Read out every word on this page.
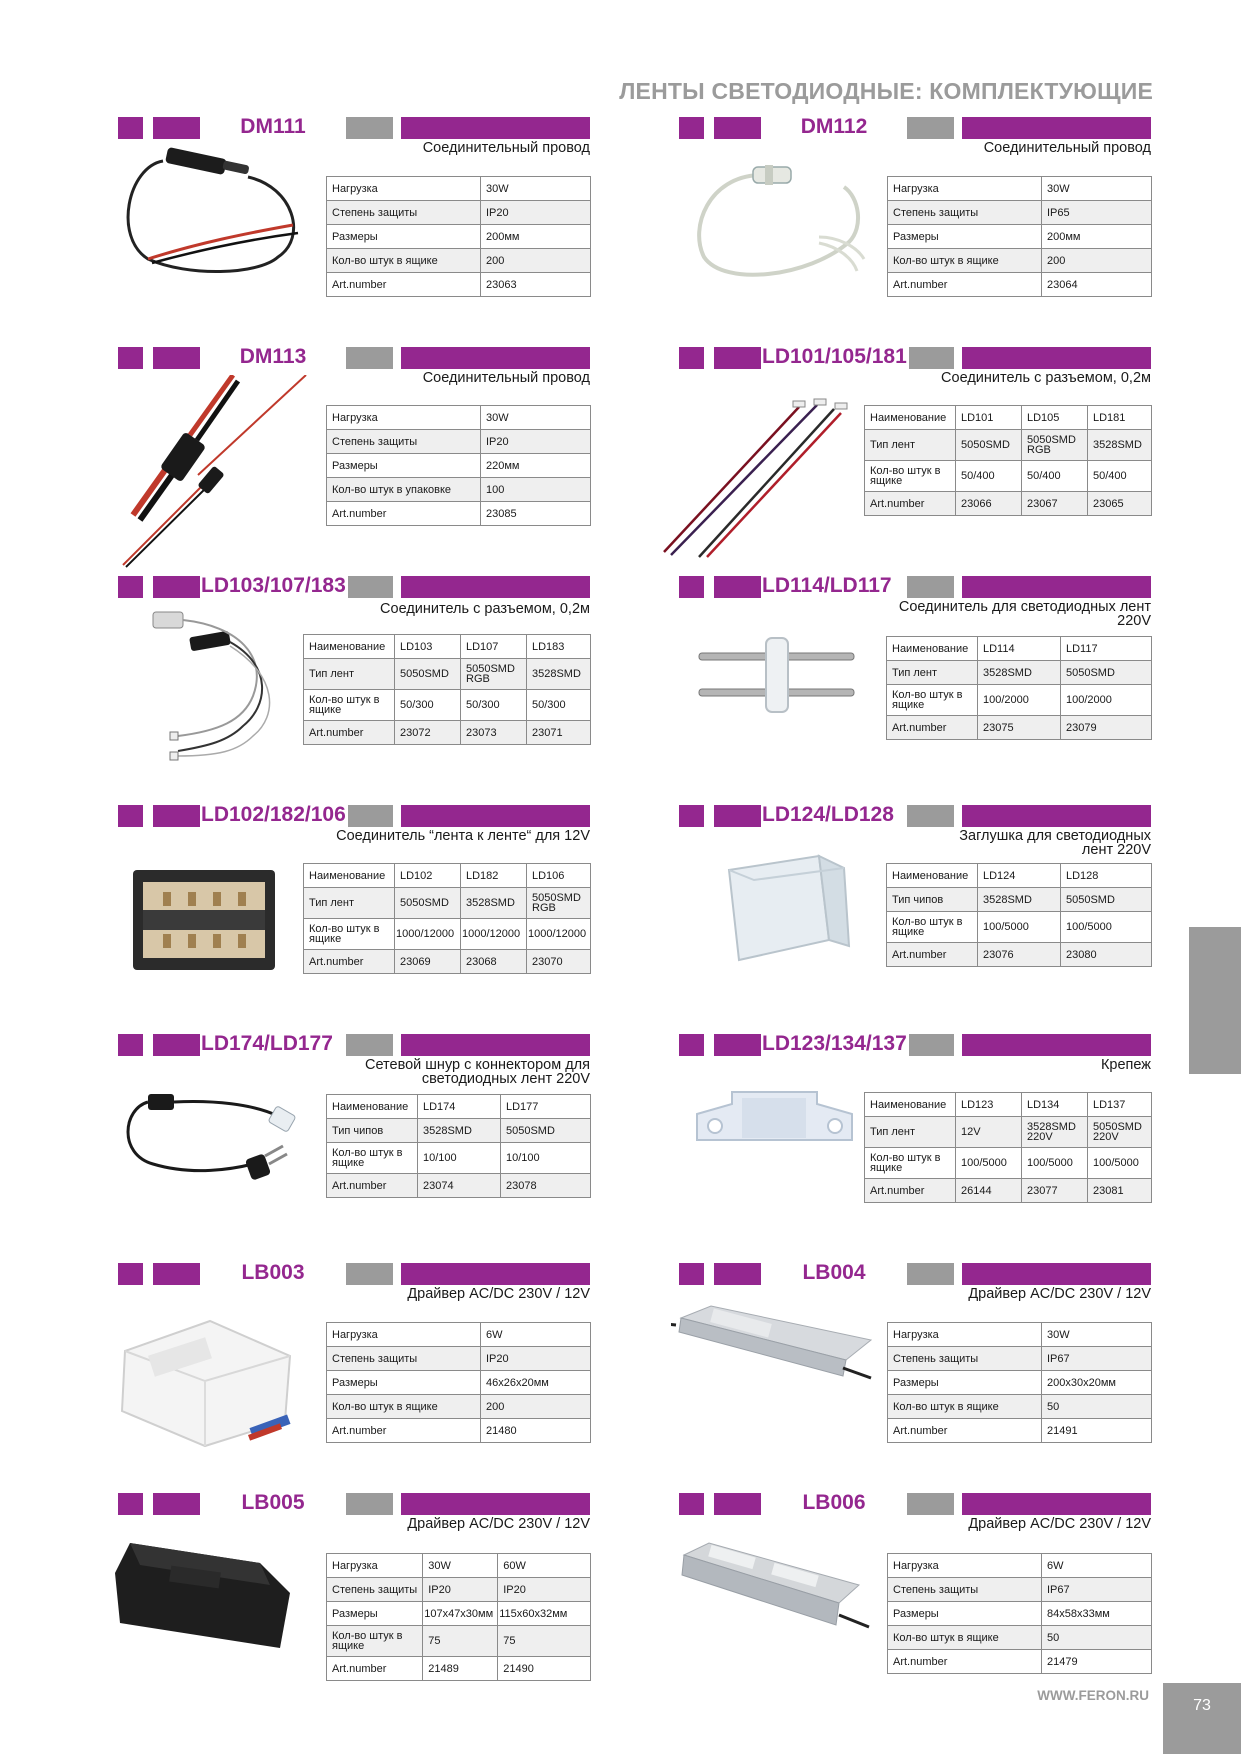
ЛЕНТЫ СВЕТОДИОДНЫЕ: КОМПЛЕКТУЮЩИЕ
DM111
Соединительный провод
Нагрузка	30W
Степень защиты	IP20
Размеры	200мм
Кол-во штук в ящике	200
Art.number	23063
DM112
Соединительный провод
Нагрузка	30W
Степень защиты	IP65
Размеры	200мм
Кол-во штук в ящике	200
Art.number	23064
DM113
Соединительный провод
Нагрузка	30W
Степень защиты	IP20
Размеры	220мм
Кол-во штук в упаковке	100
Art.number	23085
LD101/105/181
Соединитель с разъемом, 0,2м
Наименование	LD101	LD105	LD181
Тип лент	5050SMD	5050SMD RGB	3528SMD
Кол-во штук в ящике	50/400	50/400	50/400
Art.number	23066	23067	23065
LD103/107/183
Соединитель с разъемом, 0,2м
Наименование	LD103	LD107	LD183
Тип лент	5050SMD	5050SMD RGB	3528SMD
Кол-во штук в ящике	50/300	50/300	50/300
Art.number	23072	23073	23071
LD114/LD117
Соединитель для светодиодных лент 220V
Наименование	LD114	LD117
Тип лент	3528SMD	5050SMD
Кол-во штук в ящике	100/2000	100/2000
Art.number	23075	23079
LD102/182/106
Соединитель “лента к ленте“ для 12V
Наименование	LD102	LD182	LD106
Тип лент	5050SMD	3528SMD	5050SMD RGB
Кол-во штук в ящике	1000/12000	1000/12000	1000/12000
Art.number	23069	23068	23070
LD124/LD128
Заглушка для светодиодных лент 220V
Наименование	LD124	LD128
Тип чипов	3528SMD	5050SMD
Кол-во штук в ящике	100/5000	100/5000
Art.number	23076	23080
LD174/LD177
Сетевой шнур с коннектором для светодиодных лент 220V
Наименование	LD174	LD177
Тип чипов	3528SMD	5050SMD
Кол-во штук в ящике	10/100	10/100
Art.number	23074	23078
LD123/134/137
Крепеж
Наименование	LD123	LD134	LD137
Тип лент	12V	3528SMD 220V	5050SMD 220V
Кол-во штук в ящике	100/5000	100/5000	100/5000
Art.number	26144	23077	23081
LB003
Драйвер AC/DC 230V / 12V
Нагрузка	6W
Степень защиты	IP20
Размеры	46x26x20мм
Кол-во штук в ящике	200
Art.number	21480
LB004
Драйвер AC/DC 230V / 12V
Нагрузка	30W
Степень защиты	IP67
Размеры	200x30x20мм
Кол-во штук в ящике	50
Art.number	21491
LB005
Драйвер AC/DC 230V / 12V
Нагрузка	30W	60W
Степень защиты	IP20	IP20
Размеры	107x47x30мм	115x60x32мм
Кол-во штук в ящике	75	75
Art.number	21489	21490
LB006
Драйвер AC/DC 230V / 12V
Нагрузка	6W
Степень защиты	IP67
Размеры	84x58x33мм
Кол-во штук в ящике	50
Art.number	21479
WWW.FERON.RU
73
